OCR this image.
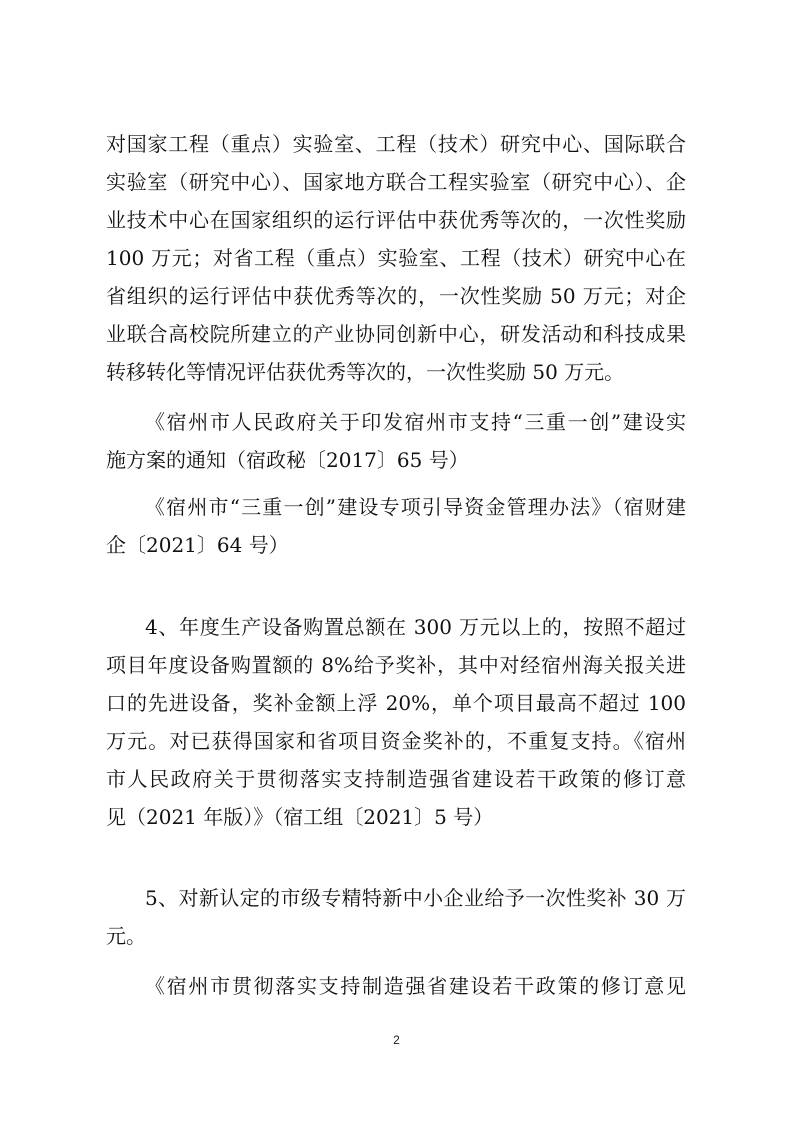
对国家工程（重点）实验室、工程（技术）研究中心、国际联合
实验室（研究中心）、国家地方联合工程实验室（研究中心）、企
业技术中心在国家组织的运行评估中获优秀等次的，一次性奖励
100 万元；对省工程（重点）实验室、工程（技术）研究中心在
省组织的运行评估中获优秀等次的，一次性奖励 50 万元；对企
业联合高校院所建立的产业协同创新中心，研发活动和科技成果
转移转化等情况评估获优秀等次的，一次性奖励 50 万元。
《宿州市人民政府关于印发宿州市支持“三重一创”建设实
施方案的通知（宿政秘〔2017〕65 号）
《宿州市“三重一创”建设专项引导资金管理办法》（宿财建
企〔2021〕64 号）
4、年度生产设备购置总额在 300 万元以上的，按照不超过
项目年度设备购置额的 8%给予奖补，其中对经宿州海关报关进
口的先进设备，奖补金额上浮 20%，单个项目最高不超过 100
万元。对已获得国家和省项目资金奖补的，不重复支持。《宿州
市人民政府关于贯彻落实支持制造强省建设若干政策的修订意
见（2021 年版）》（宿工组〔2021〕5 号）
5、对新认定的市级专精特新中小企业给予一次性奖补 30 万
元。
《宿州市贯彻落实支持制造强省建设若干政策的修订意见
2
